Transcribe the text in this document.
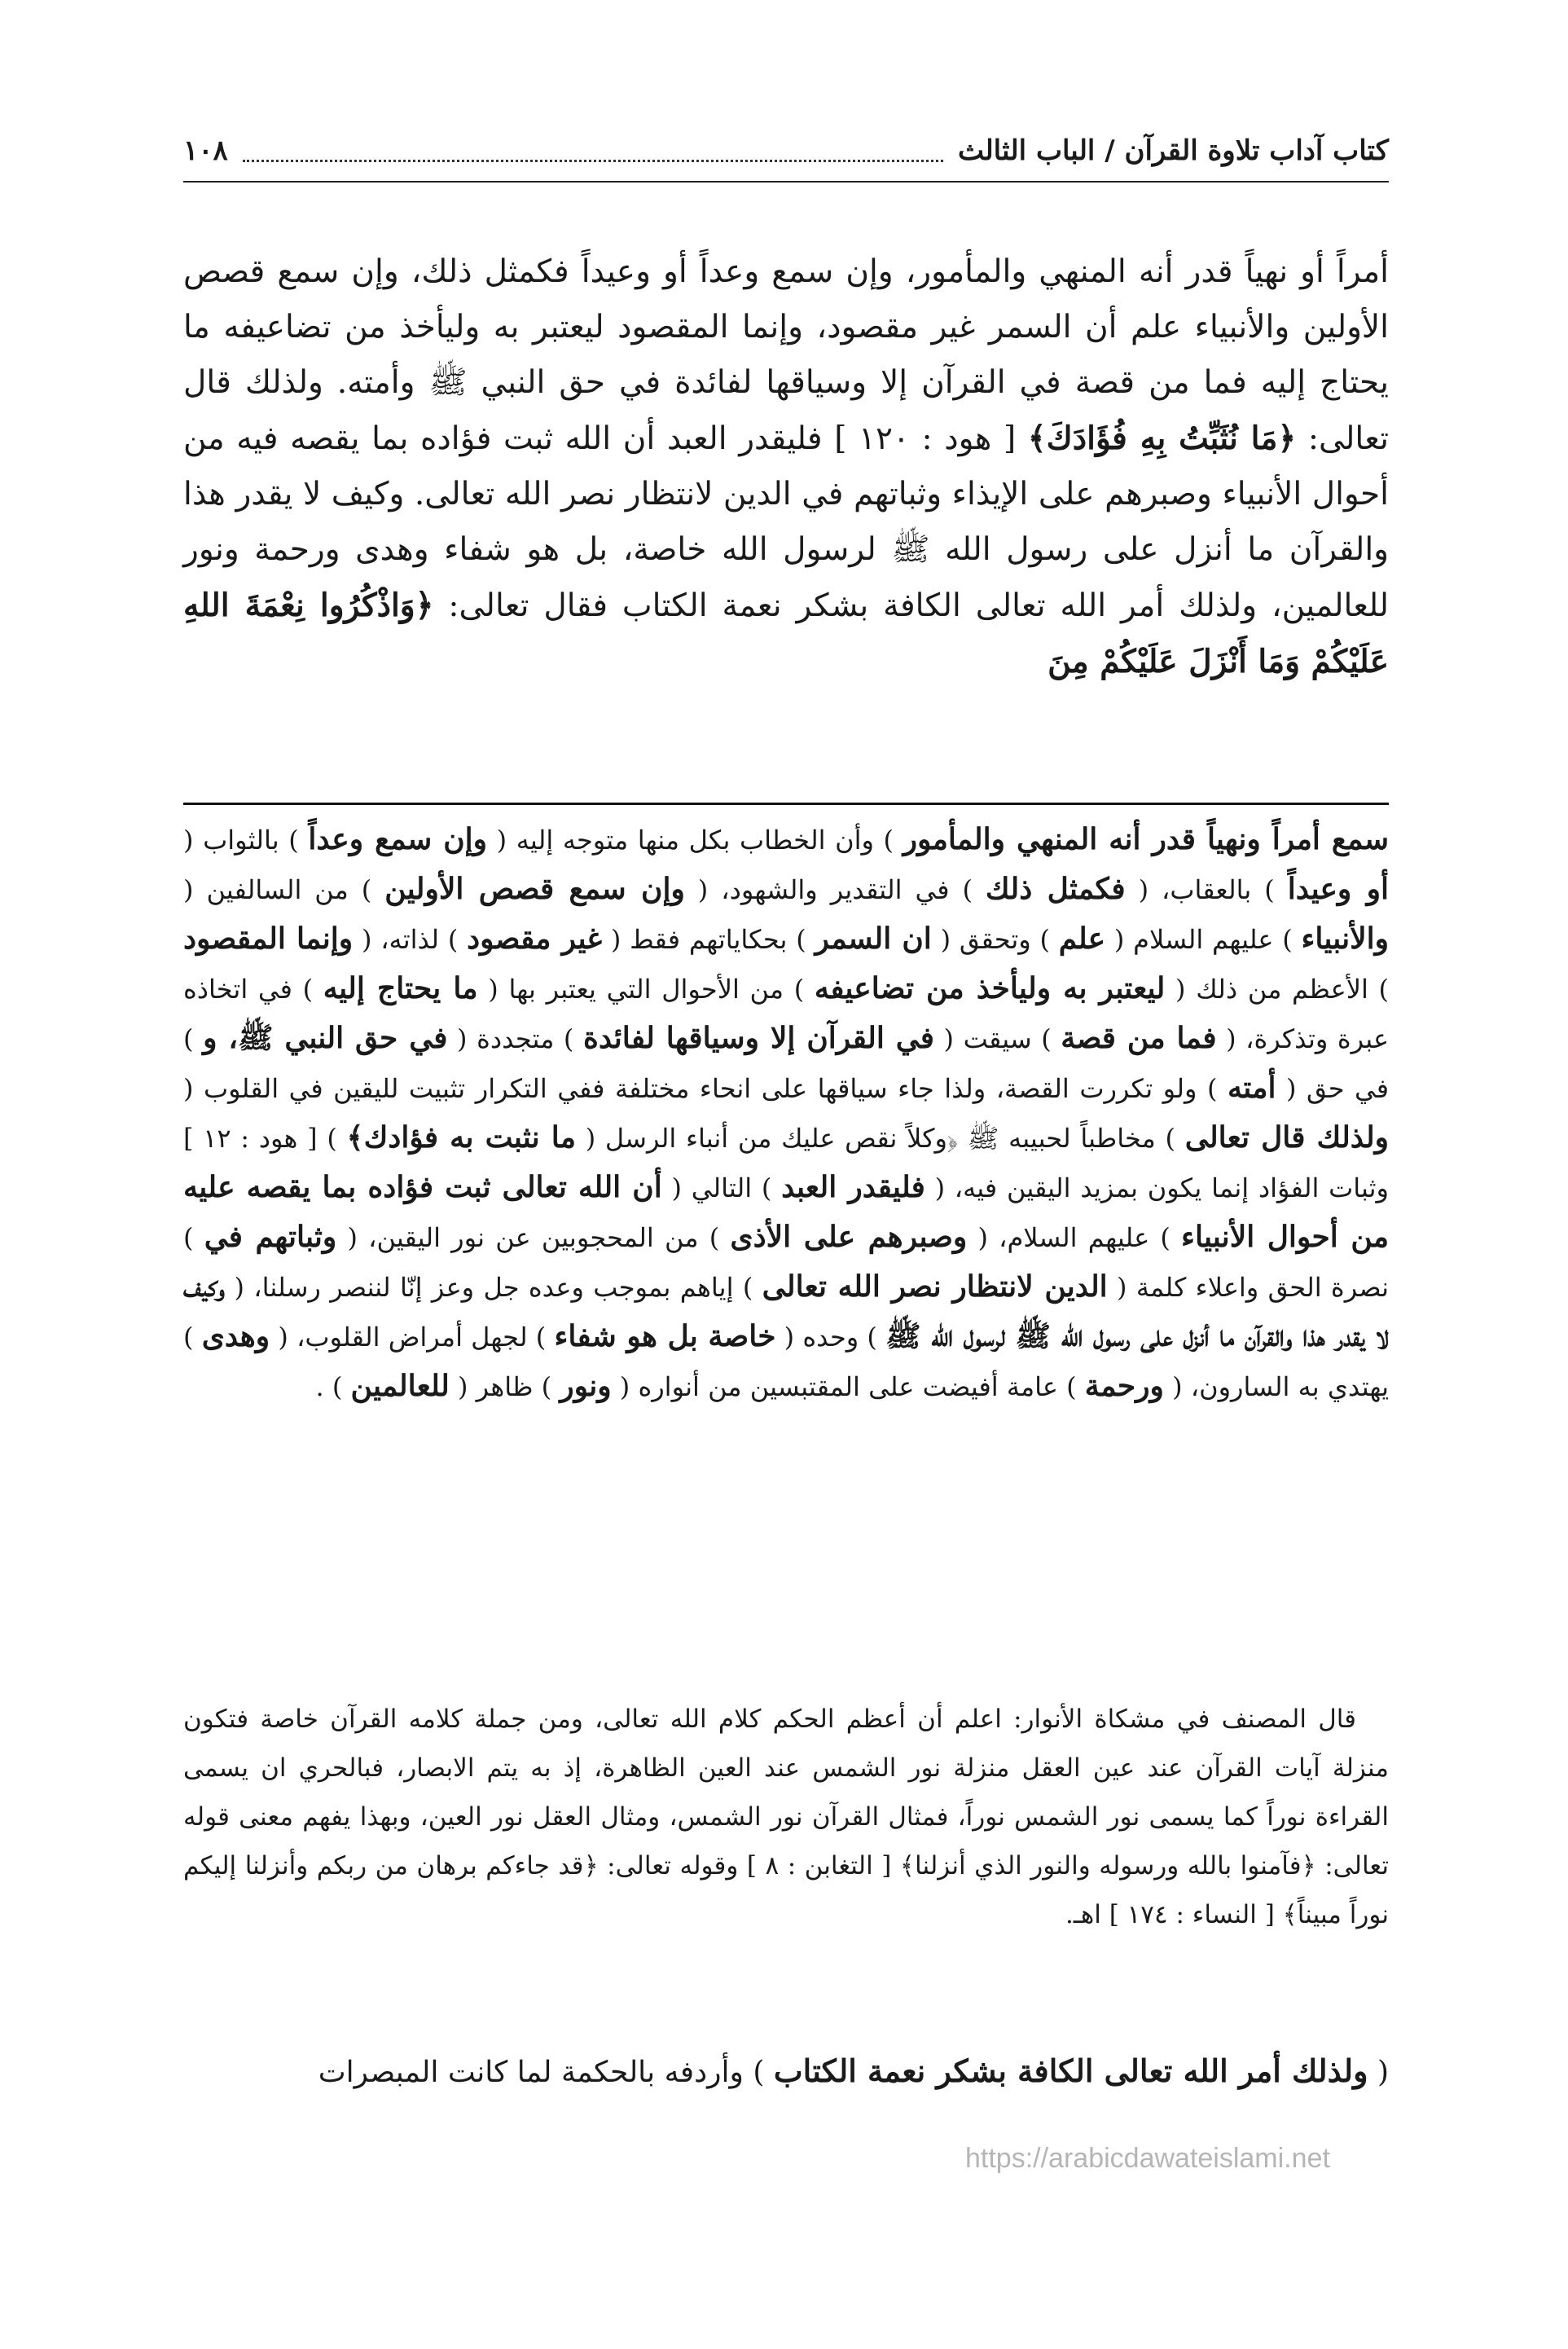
كتاب آداب تلاوة القرآن / الباب الثالث
١٠٨

أمراً أو نهياً قدر أنه المنهي والمأمور، وإن سمع وعداً أو وعيداً فكمثل ذلك، وإن سمع قصص الأولين والأنبياء علم أن السمر غير مقصود، وإنما المقصود ليعتبر به وليأخذ من تضاعيفه ما يحتاج إليه فما من قصة في القرآن إلا وسياقها لفائدة في حق النبي ﷺ وأمته. ولذلك قال تعالى: ﴿مَا نُثَبِّتُ بِهِ فُؤَادَكَ﴾ [ هود : ١٢٠ ] فليقدر العبد أن الله ثبت فؤاده بما يقصه فيه من أحوال الأنبياء وصبرهم على الإيذاء وثباتهم في الدين لانتظار نصر الله تعالى. وكيف لا يقدر هذا والقرآن ما أنزل على رسول الله ﷺ لرسول الله خاصة، بل هو شفاء وهدى ورحمة ونور للعالمين، ولذلك أمر الله تعالى الكافة بشكر نعمة الكتاب فقال تعالى: ﴿وَاذْكُرُوا نِعْمَةَ اللهِ عَلَيْكُمْ وَمَا أَنْزَلَ عَلَيْكُمْ مِنَ

سمع أمراً ونهياً قدر أنه المنهي والمأمور ) وأن الخطاب بكل منها متوجه إليه ( وإن سمع وعداً ) بالثواب ( أو وعيداً ) بالعقاب، ( فكمثل ذلك ) في التقدير والشهود، ( وإن سمع قصص الأولين ) من السالفين ( والأنبياء ) عليهم السلام ( علم ) وتحقق ( ان السمر ) بحكاياتهم فقط ( غير مقصود ) لذاته، ( وإنما المقصود ) الأعظم من ذلك ( ليعتبر به وليأخذ من تضاعيفه ) من الأحوال التي يعتبر بها ( ما يحتاج إليه ) في اتخاذه عبرة وتذكرة، ( فما من قصة ) سيقت ( في القرآن إلا وسياقها لفائدة ) متجددة ( في حق النبي ﷺ، و ) في حق ( أمته ) ولو تكررت القصة، ولذا جاء سياقها على انحاء مختلفة ففي التكرار تثبيت لليقين في القلوب ( ولذلك قال تعالى ) مخاطباً لحبيبه ﷺ ﴿وكلاً نقص عليك من أنباء الرسل ( ما نثبت به فؤادك﴾ ) [ هود : ١٢ ] وثبات الفؤاد إنما يكون بمزيد اليقين فيه، ( فليقدر العبد ) التالي ( أن الله تعالى ثبت فؤاده بما يقصه عليه من أحوال الأنبياء ) عليهم السلام، ( وصبرهم على الأذى ) من المحجوبين عن نور اليقين، ( وثباتهم في ) نصرة الحق واعلاء كلمة ( الدين لانتظار نصر الله تعالى ) إياهم بموجب وعده جل وعز إنّا لننصر رسلنا، ( وكيف لا يقدر هذا والقرآن ما أنزل على رسول الله ﷺ لرسول الله ﷺ ) وحده ( خاصة بل هو شفاء ) لجهل أمراض القلوب، ( وهدى ) يهتدي به السارون، ( ورحمة ) عامة أفيضت على المقتبسين من أنواره ( ونور ) ظاهر ( للعالمين ) .

قال المصنف في مشكاة الأنوار: اعلم أن أعظم الحكم كلام الله تعالى، ومن جملة كلامه القرآن خاصة فتكون منزلة آيات القرآن عند عين العقل منزلة نور الشمس عند العين الظاهرة، إذ به يتم الابصار، فبالحري ان يسمى القراءة نوراً كما يسمى نور الشمس نوراً، فمثال القرآن نور الشمس، ومثال العقل نور العين، وبهذا يفهم معنى قوله تعالى: ﴿فآمنوا بالله ورسوله والنور الذي أنزلنا﴾ [ التغابن : ٨ ] وقوله تعالى: ﴿قد جاءكم برهان من ربكم وأنزلنا إليكم نوراً مبيناً﴾ [ النساء : ١٧٤ ] اهـ.

( ولذلك أمر الله تعالى الكافة بشكر نعمة الكتاب ) وأردفه بالحكمة لما كانت المبصرات

https://arabicdawateislami.net
